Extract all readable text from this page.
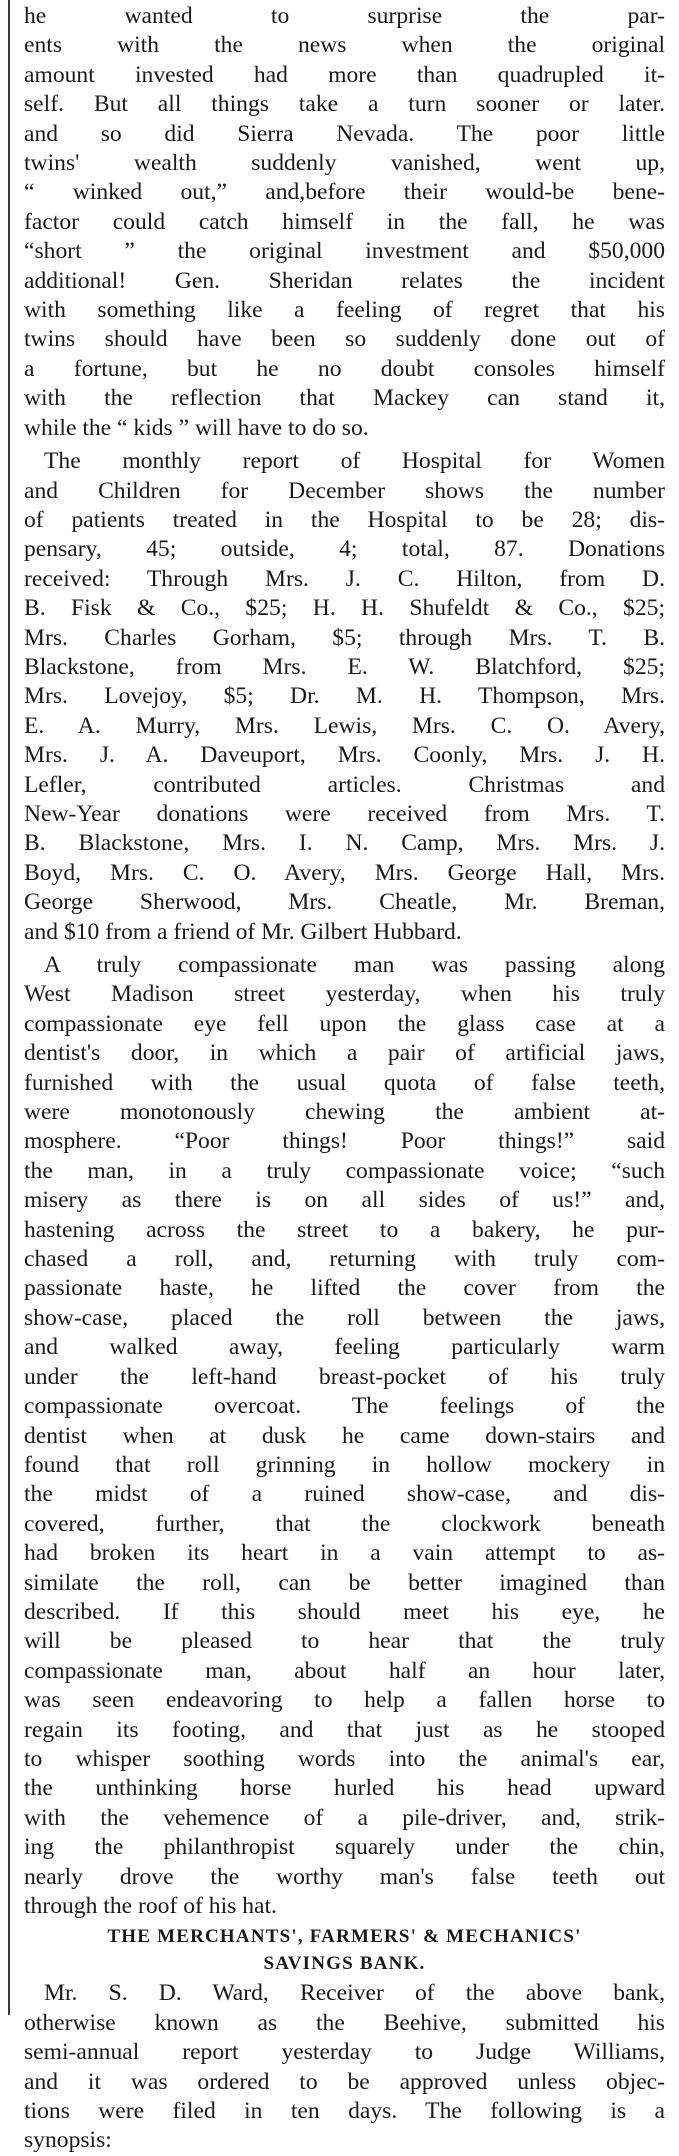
he wanted to surprise the par-
ents with the news when the original
amount invested had more than quadrupled it-
self. But all things take a turn sooner or later.
and so did Sierra Nevada. The poor little
twins' wealth suddenly vanished, went up,
“ winked out,” and,before their would-be bene-
factor could catch himself in the fall, he was
“short ” the original investment and $50,000
additional! Gen. Sheridan relates the incident
with something like a feeling of regret that his
twins should have been so suddenly done out of
a fortune, but he no doubt consoles himself
with the reflection that Mackey can stand it,
while the “ kids ” will have to do so.
The monthly report of Hospital for Women
and Children for December shows the number
of patients treated in the Hospital to be 28; dis-
pensary, 45; outside, 4; total, 87. Donations
received: Through Mrs. J. C. Hilton, from D.
B. Fisk & Co., $25; H. H. Shufeldt & Co., $25;
Mrs. Charles Gorham, $5; through Mrs. T. B.
Blackstone, from Mrs. E. W. Blatchford, $25;
Mrs. Lovejoy, $5; Dr. M. H. Thompson, Mrs.
E. A. Murry, Mrs. Lewis, Mrs. C. O. Avery,
Mrs. J. A. Daveuport, Mrs. Coonly, Mrs. J. H.
Lefler, contributed articles. Christmas and
New-Year donations were received from Mrs. T.
B. Blackstone, Mrs. I. N. Camp, Mrs. Mrs. J.
Boyd, Mrs. C. O. Avery, Mrs. George Hall, Mrs.
George Sherwood, Mrs. Cheatle, Mr. Breman,
and $10 from a friend of Mr. Gilbert Hubbard.
A truly compassionate man was passing along
West Madison street yesterday, when his truly
compassionate eye fell upon the glass case at a
dentist's door, in which a pair of artificial jaws,
furnished with the usual quota of false teeth,
were monotonously chewing the ambient at-
mosphere. “Poor things! Poor things!” said
the man, in a truly compassionate voice; “such
misery as there is on all sides of us!” and,
hastening across the street to a bakery, he pur-
chased a roll, and, returning with truly com-
passionate haste, he lifted the cover from the
show-case, placed the roll between the jaws,
and walked away, feeling particularly warm
under the left-hand breast-pocket of his truly
compassionate overcoat. The feelings of the
dentist when at dusk he came down-stairs and
found that roll grinning in hollow mockery in
the midst of a ruined show-case, and dis-
covered, further, that the clockwork beneath
had broken its heart in a vain attempt to as-
similate the roll, can be better imagined than
described. If this should meet his eye, he
will be pleased to hear that the truly
compassionate man, about half an hour later,
was seen endeavoring to help a fallen horse to
regain its footing, and that just as he stooped
to whisper soothing words into the animal's ear,
the unthinking horse hurled his head upward
with the vehemence of a pile-driver, and, strik-
ing the philanthropist squarely under the chin,
nearly drove the worthy man's false teeth out
through the roof of his hat.
THE MERCHANTS', FARMERS' & MECHANICS'
SAVINGS BANK.
Mr. S. D. Ward, Receiver of the above bank,
otherwise known as the Beehive, submitted his
semi-annual report yesterday to Judge Williams,
and it was ordered to be approved unless objec-
tions were filed in ten days. The following is a
synopsis:
